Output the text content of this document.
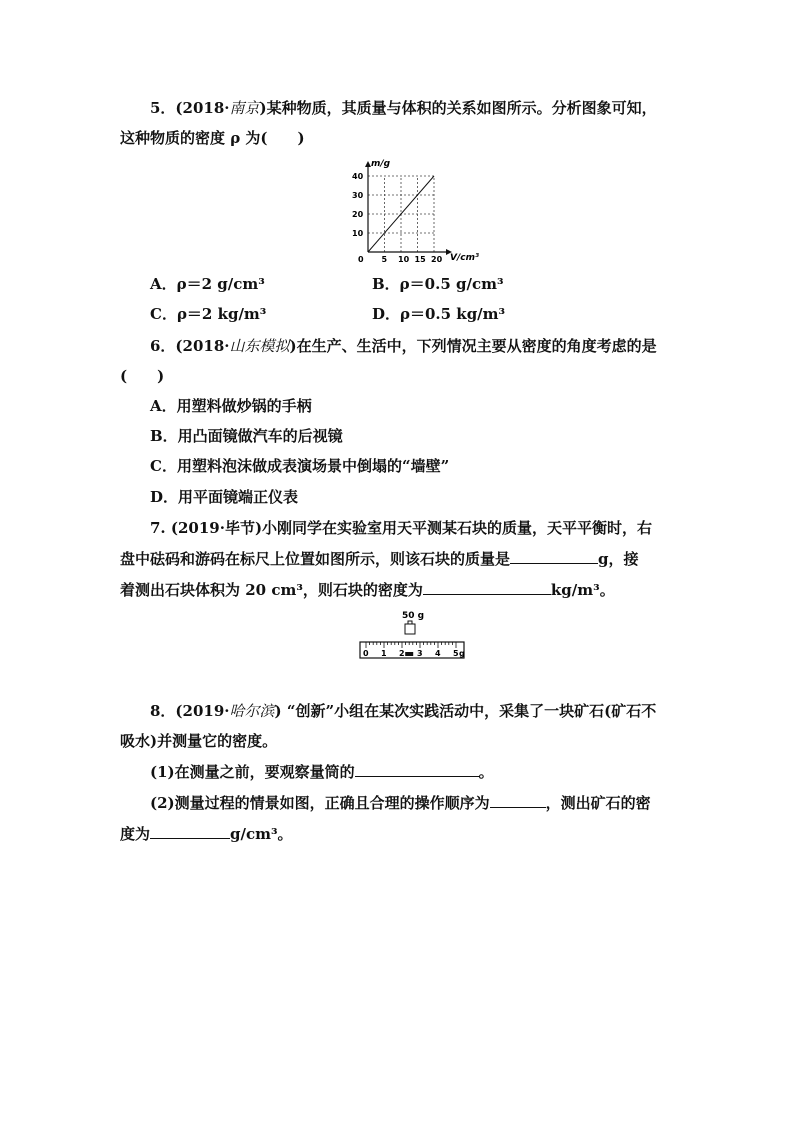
5．(2018·南京)某种物质，其质量与体积的关系如图所示。分析图象可知，
这种物质的密度 ρ 为(　　)
m/g
V/cm³
0 5 10 15 20
10
20
30
40
A．ρ＝2 g/cm³	B．ρ＝0.5 g/cm³
C．ρ＝2 kg/m³	D．ρ＝0.5 kg/m³
6．(2018·山东模拟)在生产、生活中，下列情况主要从密度的角度考虑的是
(　　)
A．用塑料做炒锅的手柄
B．用凸面镜做汽车的后视镜
C．用塑料泡沫做成表演场景中倒塌的“墙壁”
D．用平面镜端正仪表
7. (2019·毕节)小刚同学在实验室用天平测某石块的质量，天平平衡时，右
盘中砝码和游码在标尺上位置如图所示，则该石块的质量是	g，接
着测出石块体积为 20 cm³，则石块的密度为	kg/m³。
50 g
0 1 2 3 4 5 g
8．(2019·哈尔滨) “创新”小组在某次实践活动中，采集了一块矿石(矿石不
吸水)并测量它的密度。
(1)在测量之前，要观察量筒的	。
(2)测量过程的情景如图，正确且合理的操作顺序为	，测出矿石的密
度为	g/cm³。
